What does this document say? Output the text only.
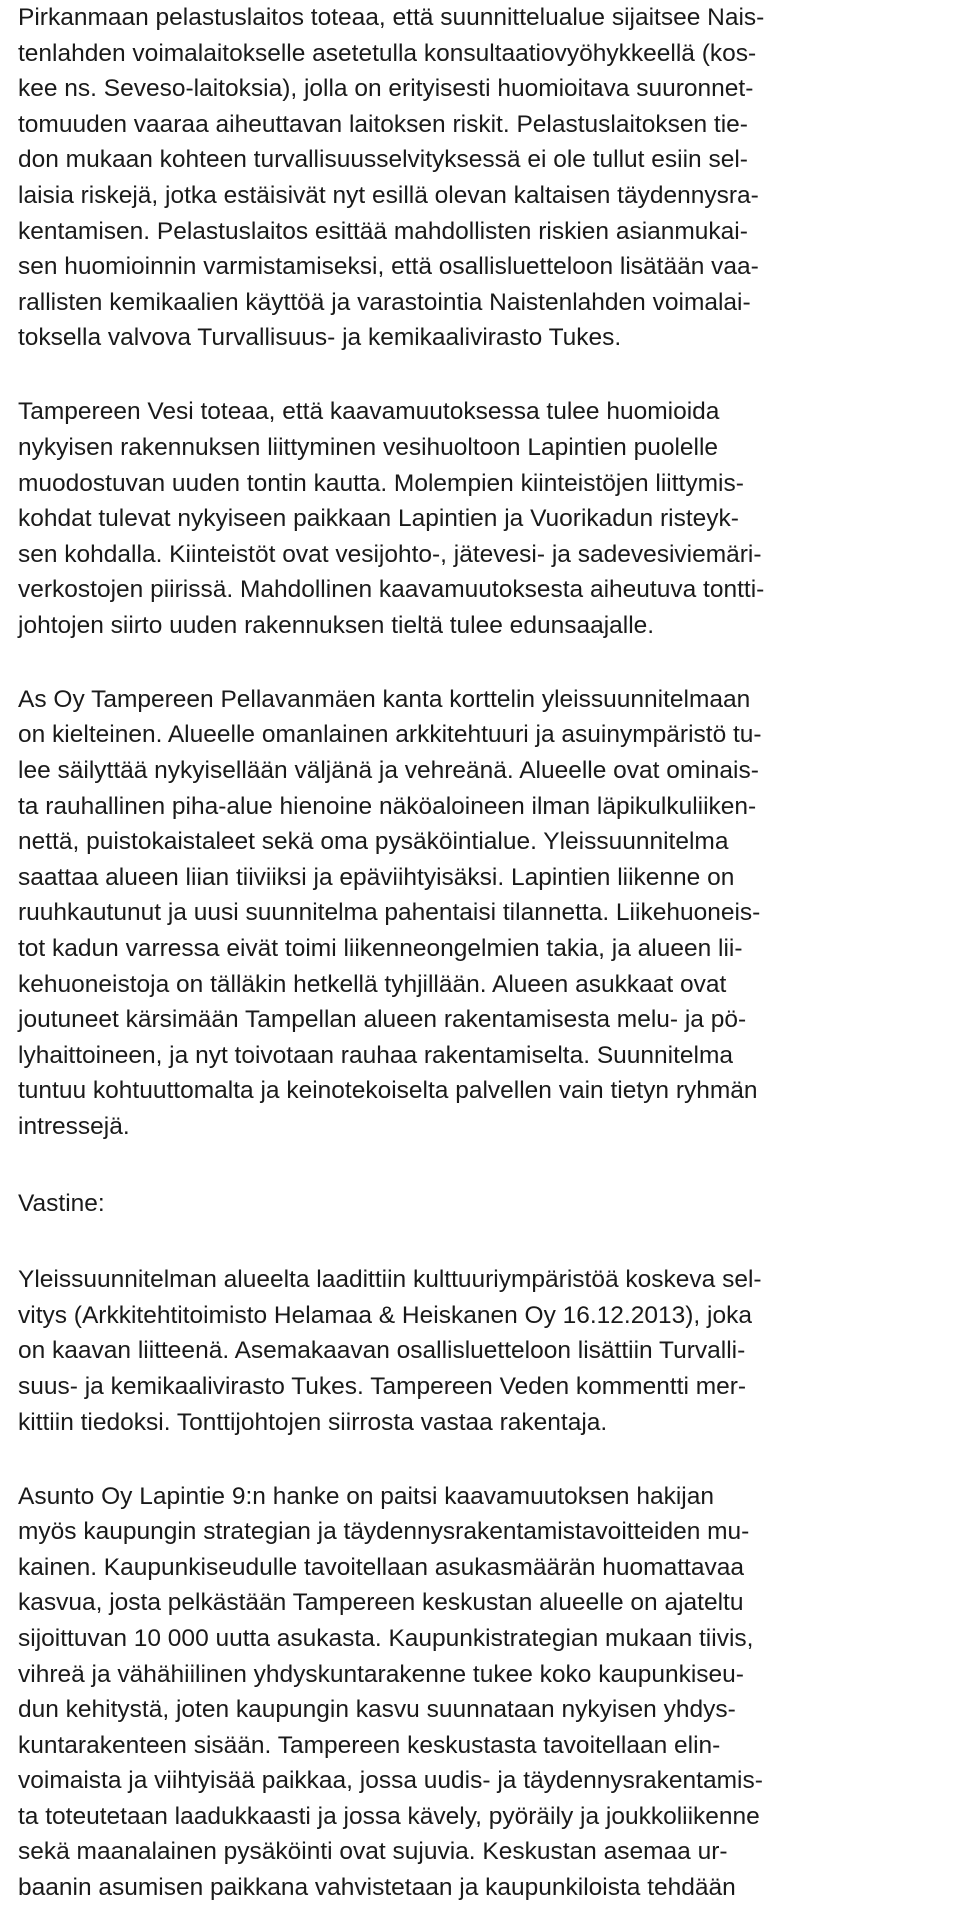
Pirkanmaan pelastuslaitos toteaa, että suunnittelualue sijaitsee Nais-
tenlahden voimalaitokselle asetetulla konsultaatiovyöhykkeellä (kos-
kee ns. Seveso-laitoksia), jolla on erityisesti huomioitava suuronnet-
tomuuden vaaraa aiheuttavan laitoksen riskit. Pelastuslaitoksen tie-
don mukaan kohteen turvallisuusselvityksessä ei ole tullut esiin sel-
laisia riskejä, jotka estäisivät nyt esillä olevan kaltaisen täydennysra-
kentamisen. Pelastuslaitos esittää mahdollisten riskien asianmukai-
sen huomioinnin varmistamiseksi, että osallisluetteloon lisätään vaa-
rallisten kemikaalien käyttöä ja varastointia Naistenlahden voimalai-
toksella valvova Turvallisuus- ja kemikaalivirasto Tukes.
Tampereen Vesi toteaa, että kaavamuutoksessa tulee huomioida
nykyisen rakennuksen liittyminen vesihuoltoon Lapintien puolelle
muodostuvan uuden tontin kautta. Molempien kiinteistöjen liittymis-
kohdat tulevat nykyiseen paikkaan Lapintien ja Vuorikadun risteyk-
sen kohdalla. Kiinteistöt ovat vesijohto-, jätevesi- ja sadevesiviemäri-
verkostojen piirissä. Mahdollinen kaavamuutoksesta aiheutuva tontti-
johtojen siirto uuden rakennuksen tieltä tulee edunsaajalle.
As Oy Tampereen Pellavanmäen kanta korttelin yleissuunnitelmaan
on kielteinen. Alueelle omanlainen arkkitehtuuri ja asuinympäristö tu-
lee säilyttää nykyisellään väljänä ja vehreänä. Alueelle ovat ominais-
ta rauhallinen piha-alue hienoine näköaloineen ilman läpikulkuliiken-
nettä, puistokaistaleet sekä oma pysäköintialue. Yleissuunnitelma
saattaa alueen liian tiiviiksi ja epäviihtyisäksi. Lapintien liikenne on
ruuhkautunut ja uusi suunnitelma pahentaisi tilannetta. Liikehuoneis-
tot kadun varressa eivät toimi liikenneongelmien takia, ja alueen lii-
kehuoneistoja on tälläkin hetkellä tyhjillään. Alueen asukkaat ovat
joutuneet kärsimään Tampellan alueen rakentamisesta melu- ja pö-
lyhaittoineen, ja nyt toivotaan rauhaa rakentamiselta. Suunnitelma
tuntuu kohtuuttomalta ja keinotekoiselta palvellen vain tietyn ryhmän
intressejä.
Vastine:
Yleissuunnitelman alueelta laadittiin kulttuuriympäristöä koskeva sel-
vitys (Arkkitehtitoimisto Helamaa & Heiskanen Oy 16.12.2013), joka
on kaavan liitteenä. Asemakaavan osallisluetteloon lisättiin Turvalli-
suus- ja kemikaalivirasto Tukes. Tampereen Veden kommentti mer-
kittiin tiedoksi. Tonttijohtojen siirrosta vastaa rakentaja.
Asunto Oy Lapintie 9:n hanke on paitsi kaavamuutoksen hakijan
myös kaupungin strategian ja täydennysrakentamistavoitteiden mu-
kainen. Kaupunkiseudulle tavoitellaan asukasmäärän huomattavaa
kasvua, josta pelkästään Tampereen keskustan alueelle on ajateltu
sijoittuvan 10 000 uutta asukasta. Kaupunkistrategian mukaan tiivis,
vihreä ja vähähiilinen yhdyskuntarakenne tukee koko kaupunkiseu-
dun kehitystä, joten kaupungin kasvu suunnataan nykyisen yhdys-
kuntarakenteen sisään. Tampereen keskustasta tavoitellaan elin-
voimaista ja viihtyisää paikkaa, jossa uudis- ja täydennysrakentamis-
ta toteutetaan laadukkaasti ja jossa kävely, pyöräily ja joukkoliikenne
sekä maanalainen pysäköinti ovat sujuvia. Keskustan asemaa ur-
baanin asumisen paikkana vahvistetaan ja kaupunkiloista tehdään
